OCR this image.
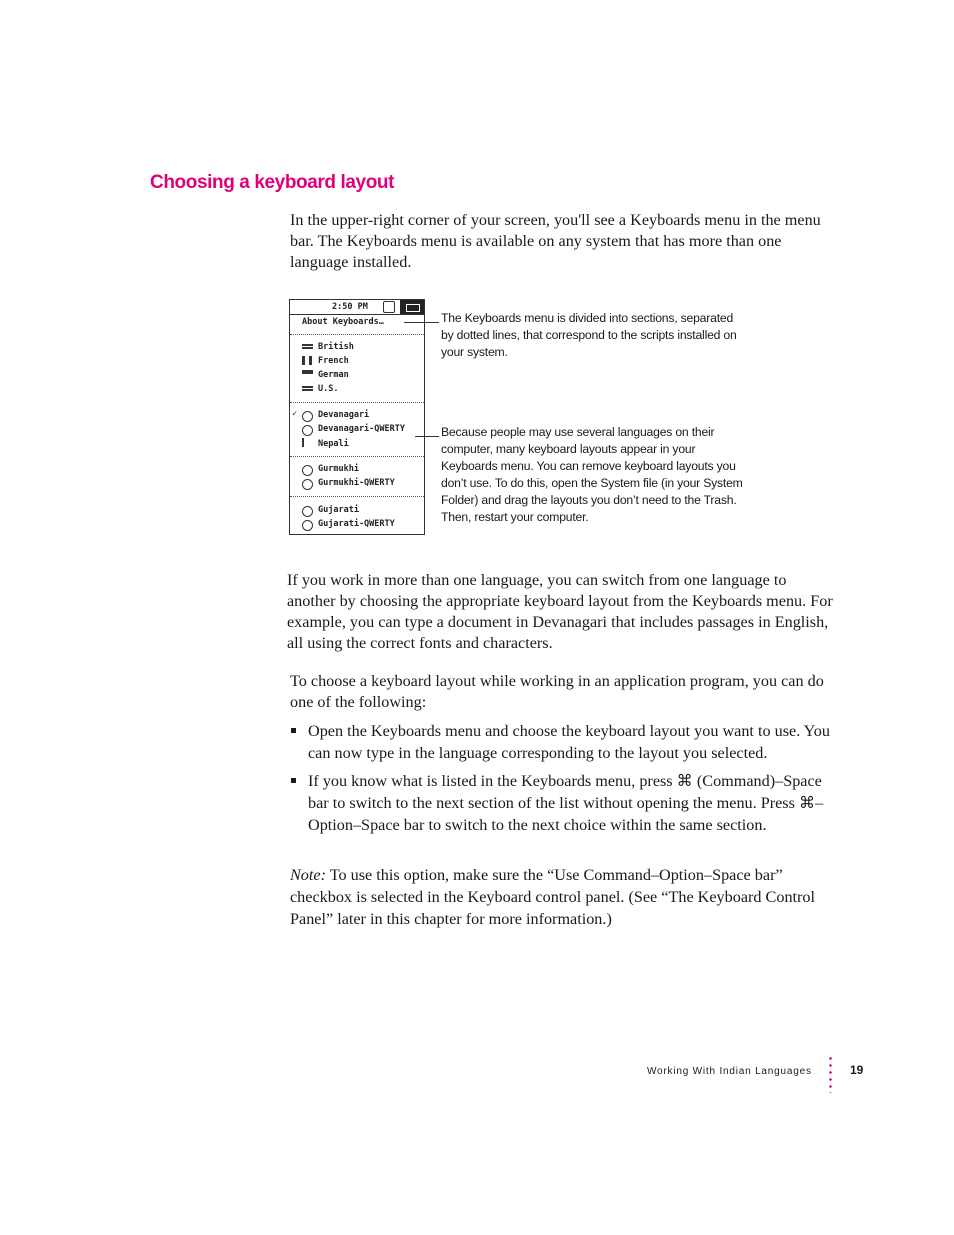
Choosing a keyboard layout

In the upper-right corner of your screen, you'll see a Keyboards menu in the menu bar. The Keyboards menu is available on any system that has more than one language installed.

2:50 PM
About Keyboards…
British
French
German
U.S.
✓ Devanagari
Devanagari-QWERTY
Nepali
Gurmukhi
Gurmukhi-QWERTY
Gujarati
Gujarati-QWERTY

The Keyboards menu is divided into sections, separated by dotted lines, that correspond to the scripts installed on your system.

Because people may use several languages on their computer, many keyboard layouts appear in your Keyboards menu. You can remove keyboard layouts you don’t use. To do this, open the System file (in your System Folder) and drag the layouts you don’t need to the Trash. Then, restart your computer.

If you work in more than one language, you can switch from one language to another by choosing the appropriate keyboard layout from the Keyboards menu. For example, you can type a document in Devanagari that includes passages in English, all using the correct fonts and characters.

To choose a keyboard layout while working in an application program, you can do one of the following:

Open the Keyboards menu and choose the keyboard layout you want to use. You can now type in the language corresponding to the layout you selected.
If you know what is listed in the Keyboards menu, press ⌘ (Command)–Space bar to switch to the next section of the list without opening the menu. Press ⌘–Option–Space bar to switch to the next choice within the same section.

Note: To use this option, make sure the “Use Command–Option–Space bar” checkbox is selected in the Keyboard control panel. (See “The Keyboard Control Panel” later in this chapter for more information.)

Working With Indian Languages	19
